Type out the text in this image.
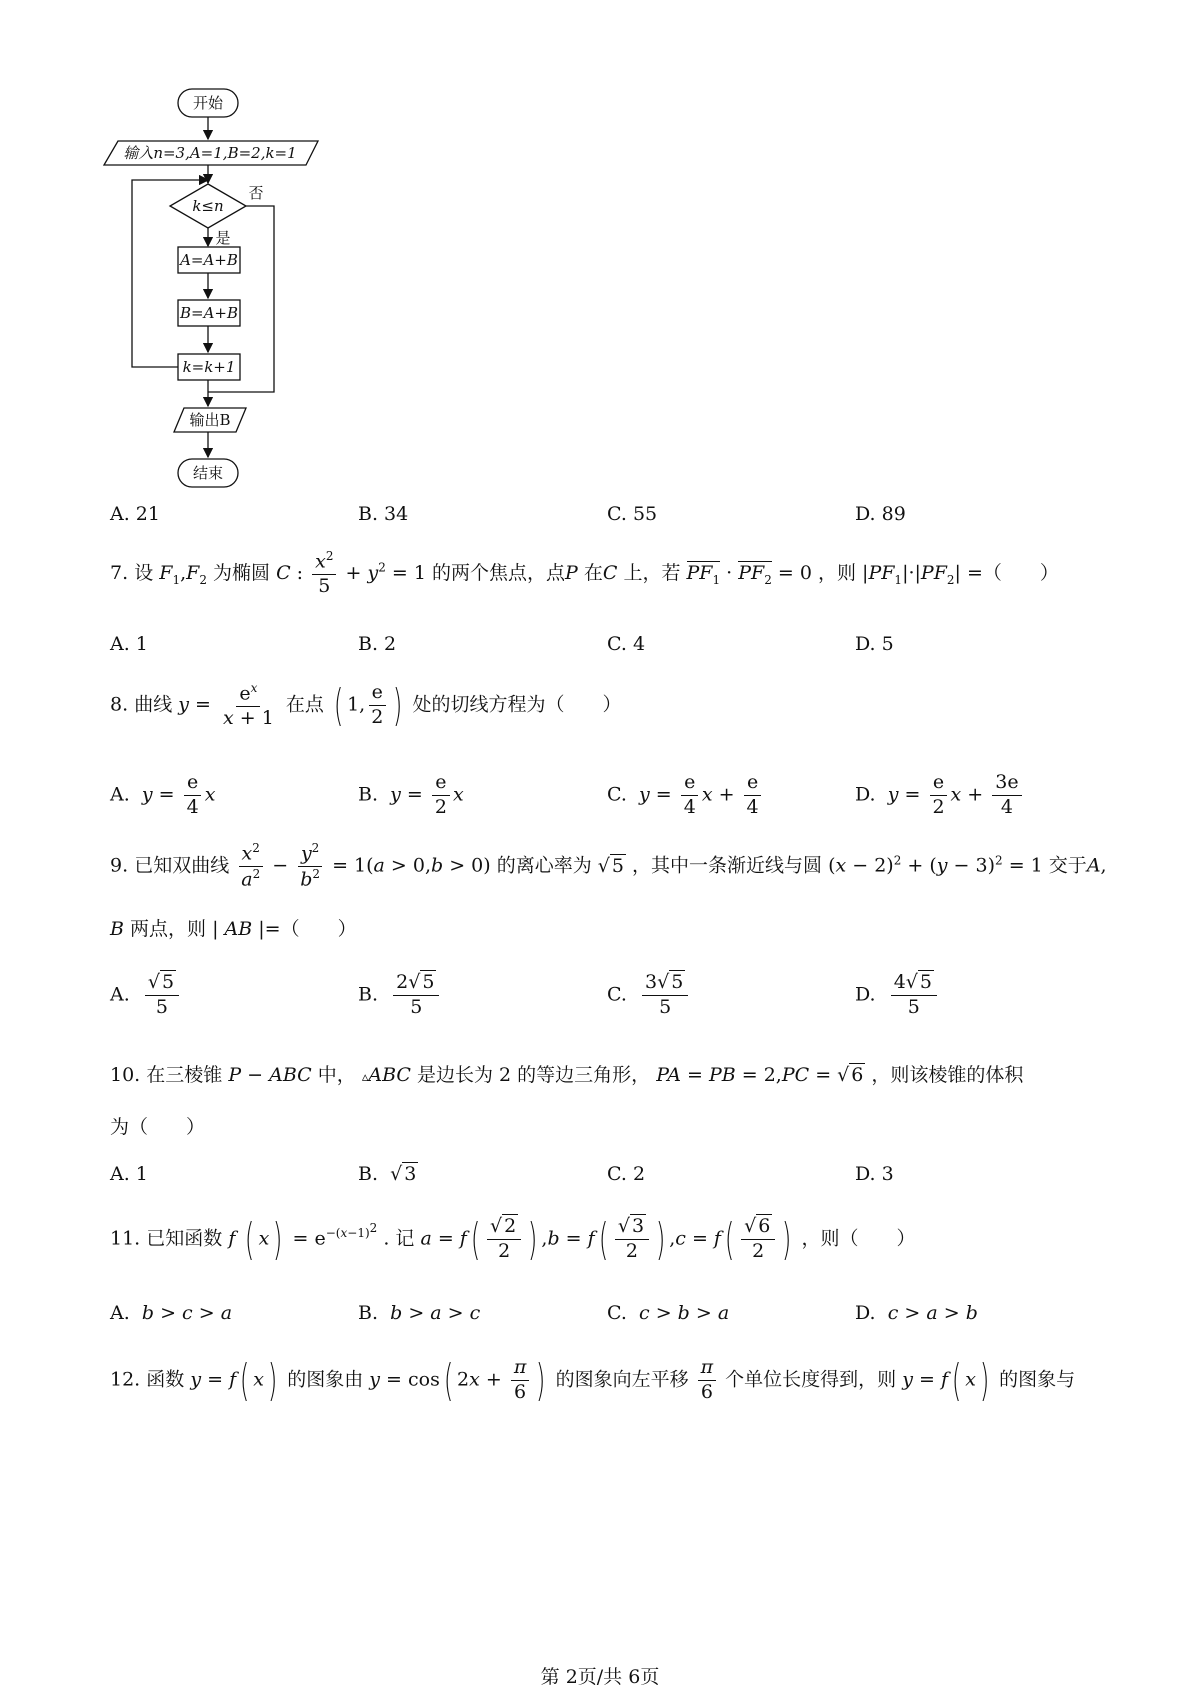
开始
输入n=3,A=1,B=2,k=1
k≤n
否
是
A=A+B
B=A+B
k=k+1
输出B
结束
A. 21	B. 34	C. 55	D. 89
7. 设 $F_1,F_2$ 为椭圆 C : $\frac{x^2}{5} + y^2 = 1$ 的两个焦点，点P 在C 上，若 $PF_1 \cdot PF_2 = 0$ ，则 $|PF_1|\cdot|PF_2|$ =（　　）
A. 1	B. 2	C. 4	D. 5
8. 曲线 $y = \frac{e^x}{x + 1}$ 在点 ( 1, $\frac{e}{2}$ ) 处的切线方程为（　　）
A. $y = \frac{e}{4}$ x	B. $y = \frac{e}{2}$ x	C. $y = \frac{e}{4}$ $x + \frac{e}{4}$	D. $y = \frac{e}{2}$ $x + \frac{3e}{4}$
9. 已知双曲线 $\frac{x^2}{a^2} - \frac{y^2}{b^2} = 1(a > 0,b > 0)$ 的离心率为 √ 5 ，其中一条渐近线与圆 $(x - 2)^2 + (y - 3)^2 = 1$ 交于A,
B 两点，则 | AB |=（　　）
A. $\frac{√ 5}{5}$	B. $\frac{2√ 5}{5}$	C. $\frac{3√ 5}{5}$	D. $\frac{4√ 5}{5}$
10. 在三棱锥 P − ABC 中， ▵ABC 是边长为 2 的等边三角形， PA = PB = 2,PC = √ 6 ，则该棱锥的体积
为（　　）
A. 1	B. √ 3	C. 2	D. 3
11. 已知函数 f ( $x) = e^{-(x-1)^2}$ . 记 $a = f( \frac{√ 2}{2}$ ) $,b = f( \frac{√ 3}{2}$ ) $,c = f( \frac{√ 6}{2}$ ) ，则（　　）
A. b > c > a	B. b > a > c	C. c > b > a	D. c > a > b
12. 函数 y = f( x) 的图象由 y = cos( $2x + \frac{\pi}{6}$ ) 的图象向左平移 $\frac{\pi}{6}$ 个单位长度得到，则 y = f( x) 的图象与
第 2页/共 6页
